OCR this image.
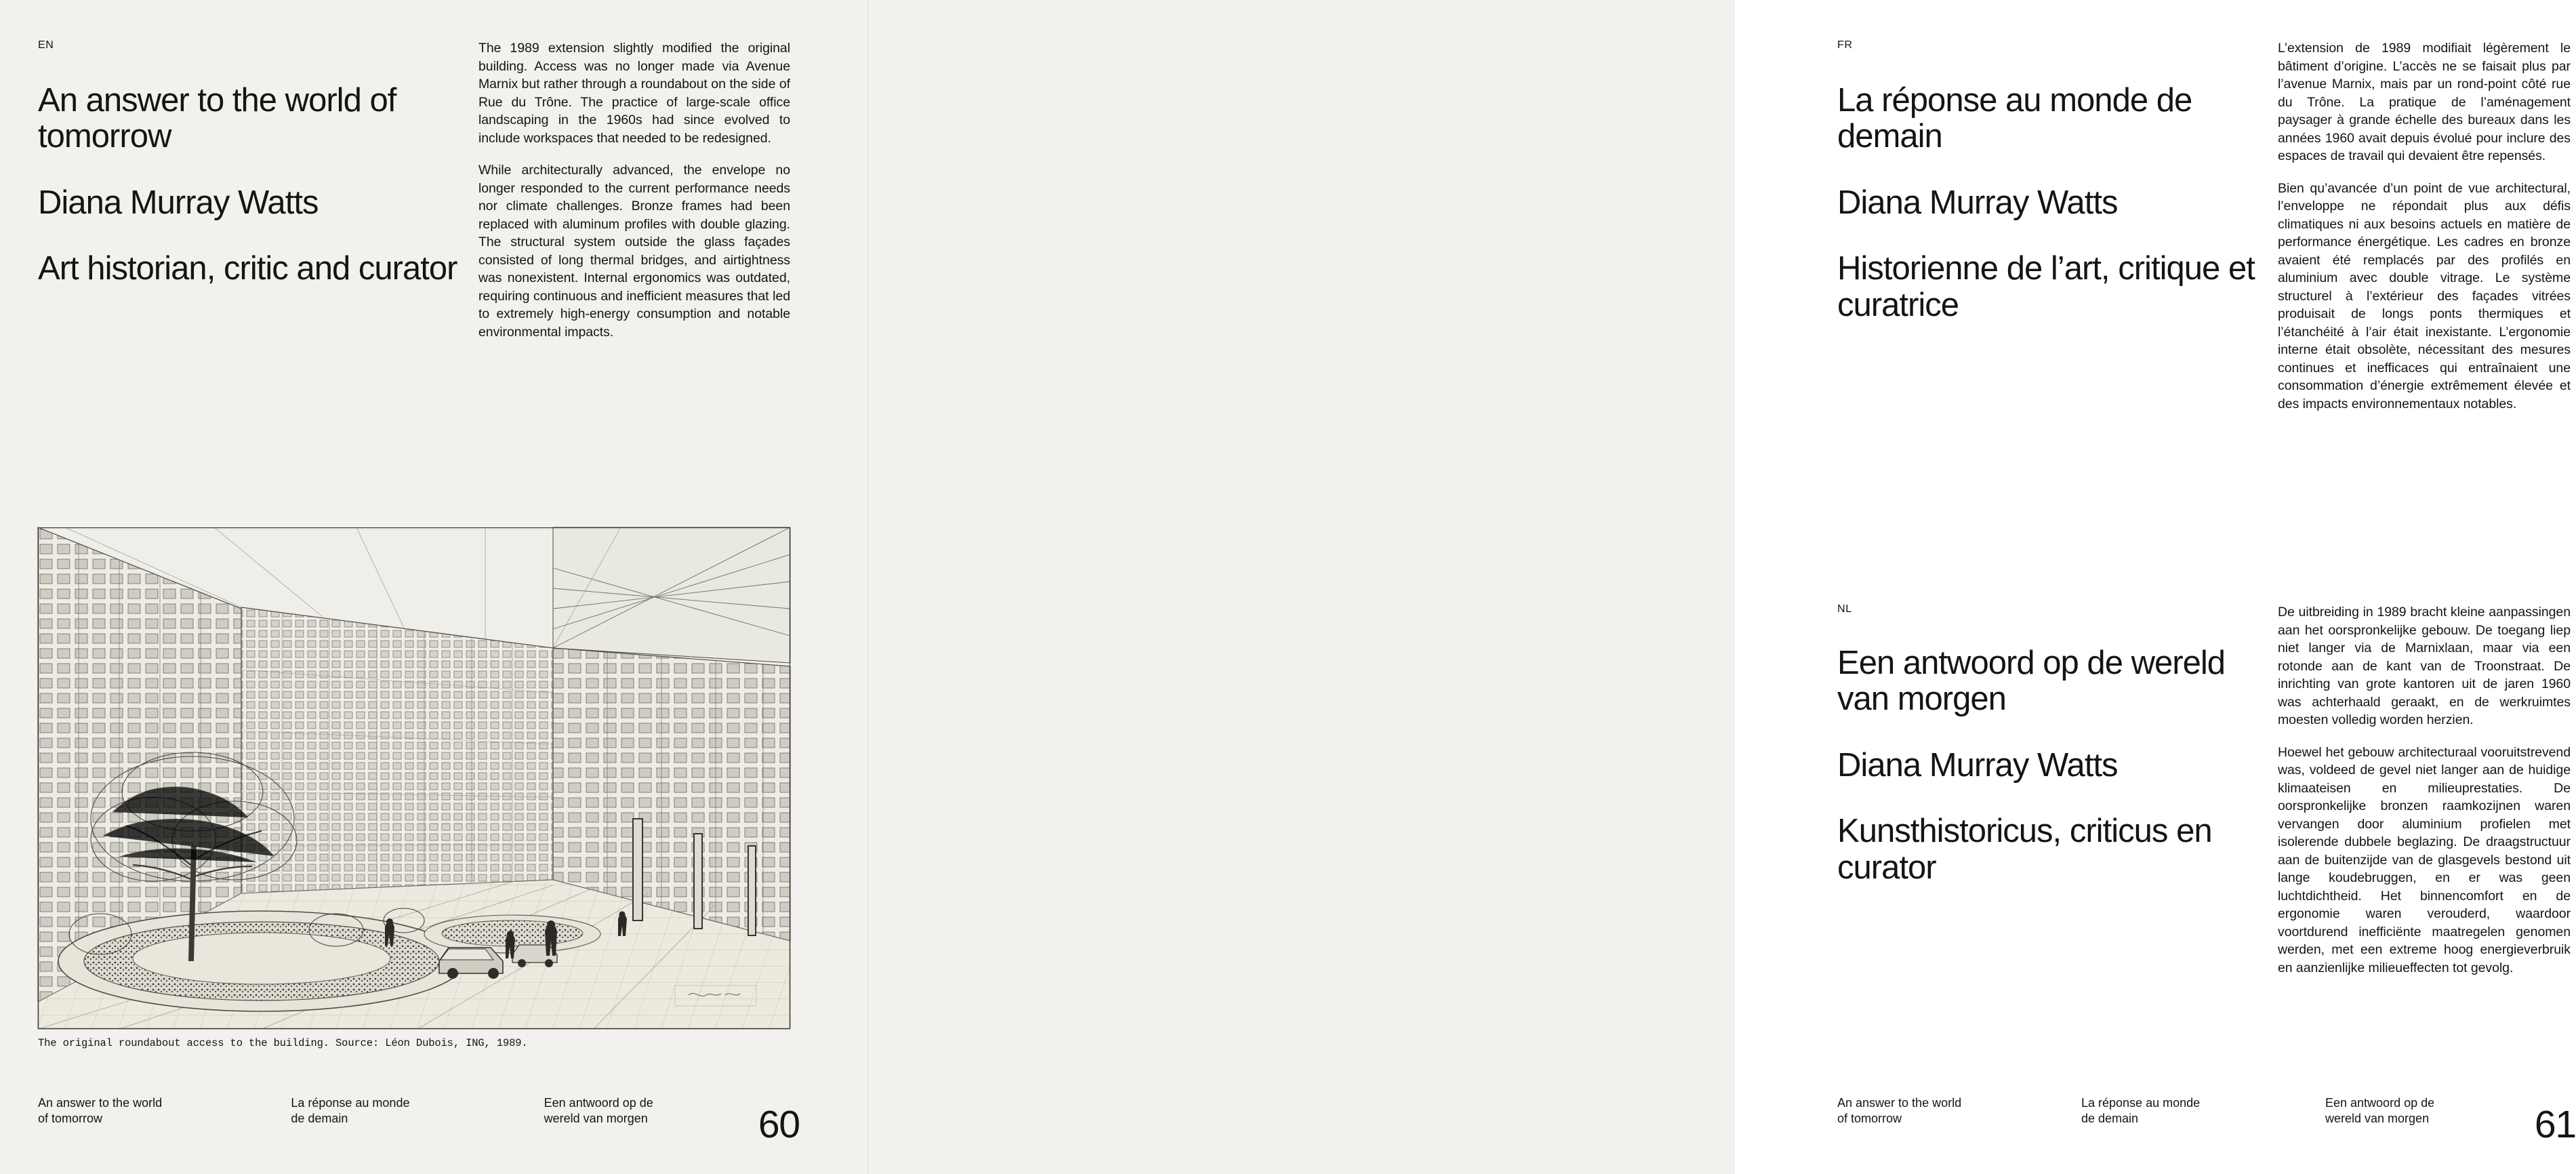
EN
An answer to the world of tomorrow
Diana Murray Watts
Art historian, critic and curator

The 1989 extension slightly modified the original building. Access was no longer made via Avenue Marnix but rather through a roundabout on the side of Rue du Trône. The practice of large-scale office landscaping in the 1960s had since evolved to include workspaces that needed to be redesigned.

While architecturally advanced, the envelope no longer responded to the current performance needs nor climate challenges. Bronze frames had been replaced with aluminum profiles with double glazing. The structural system outside the glass façades consisted of long thermal bridges, and airtightness was nonexistent. Internal ergonomics was outdated, requiring continuous and inefficient measures that led to extremely high-energy consumption and notable environmental impacts.

The original roundabout access to the building. Source: Léon Dubois, ING, 1989.
An answer to the world
of tomorrow
La réponse au monde
de demain
Een antwoord op de
wereld van morgen	60
FR
La réponse au monde de demain
Diana Murray Watts
Historienne de l’art, critique et curatrice

L’extension de 1989 modifiait légèrement le bâtiment d’origine. L’accès ne se faisait plus par l’avenue Marnix, mais par un rond-point côté rue du Trône. La pratique de l’aménagement paysager à grande échelle des bureaux dans les années 1960 avait depuis évolué pour inclure des espaces de travail qui devaient être repensés.

Bien qu’avancée d’un point de vue architectural, l’enveloppe ne répondait plus aux défis climatiques ni aux besoins actuels en matière de performance énergétique. Les cadres en bronze avaient été remplacés par des profilés en aluminium avec double vitrage. Le système structurel à l’extérieur des façades vitrées produisait de longs ponts thermiques et l’étanchéité à l’air était inexistante. L’ergonomie interne était obsolète, nécessitant des mesures continues et inefficaces qui entraînaient une consommation d’énergie extrêmement élevée et des impacts environnementaux notables.

NL
Een antwoord op de wereld van morgen
Diana Murray Watts
Kunsthistoricus, criticus en curator

De uitbreiding in 1989 bracht kleine aanpassingen aan het oorspronkelijke gebouw. De toegang liep niet langer via de Marnixlaan, maar via een rotonde aan de kant van de Troonstraat. De inrichting van grote kantoren uit de jaren 1960 was achterhaald geraakt, en de werkruimtes moesten volledig worden herzien.

Hoewel het gebouw architecturaal vooruitstrevend was, voldeed de gevel niet langer aan de huidige klimaateisen en milieuprestaties. De oorspronkelijke bronzen raamkozijnen waren vervangen door aluminium profielen met isolerende dubbele beglazing. De draagstructuur aan de buitenzijde van de glasgevels bestond uit lange koudebruggen, en er was geen luchtdichtheid. Het binnencomfort en de ergonomie waren verouderd, waardoor voortdurend inefficiënte maatregelen genomen werden, met een extreme hoog energieverbruik en aanzienlijke milieueffecten tot gevolg.

An answer to the world
of tomorrow
La réponse au monde
de demain
Een antwoord op de
wereld van morgen	61
